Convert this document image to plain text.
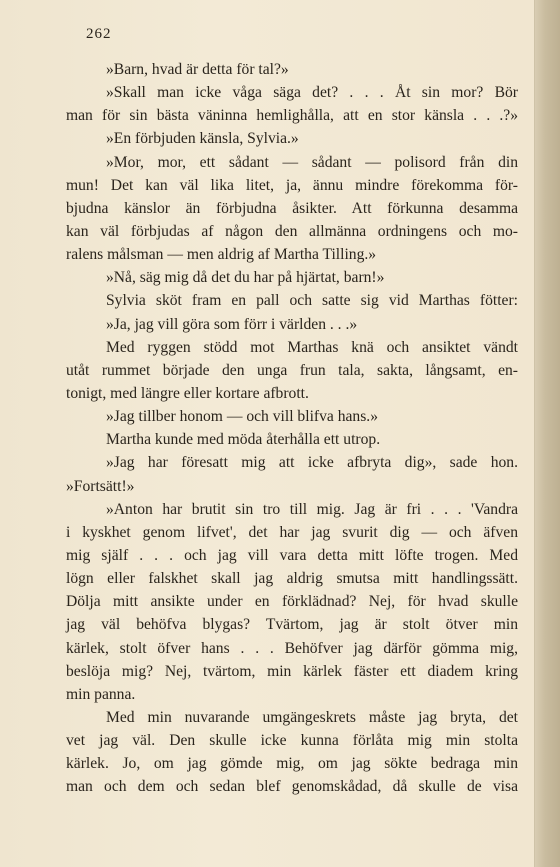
262
»Barn, hvad är detta för tal?»
»Skall man icke våga säga det? . . . Åt sin mor? Bör
man för sin bästa väninna hemlighålla, att en stor känsla . . .?»
»En förbjuden känsla, Sylvia.»
»Mor, mor, ett sådant — sådant — polisord från din
mun! Det kan väl lika litet, ja, ännu mindre förekomma för-
bjudna känslor än förbjudna åsikter. Att förkunna desamma
kan väl förbjudas af någon den allmänna ordningens och mo-
ralens målsman — men aldrig af Martha Tilling.»
»Nå, säg mig då det du har på hjärtat, barn!»
Sylvia sköt fram en pall och satte sig vid Marthas fötter:
»Ja, jag vill göra som förr i världen . . .»
Med ryggen stödd mot Marthas knä och ansiktet vändt
utåt rummet började den unga frun tala, sakta, långsamt, en-
tonigt, med längre eller kortare afbrott.
»Jag tillber honom — och vill blifva hans.»
Martha kunde med möda återhålla ett utrop.
»Jag har föresatt mig att icke afbryta dig», sade hon.
»Fortsätt!»
»Anton har brutit sin tro till mig. Jag är fri . . . 'Vandra
i kyskhet genom lifvet', det har jag svurit dig — och äfven
mig själf . . . och jag vill vara detta mitt löfte trogen. Med
lögn eller falskhet skall jag aldrig smutsa mitt handlingssätt.
Dölja mitt ansikte under en förklädnad? Nej, för hvad skulle
jag väl behöfva blygas? Tvärtom, jag är stolt ötver min
kärlek, stolt öfver hans . . . Behöfver jag därför gömma mig,
beslöja mig? Nej, tvärtom, min kärlek fäster ett diadem kring
min panna.
Med min nuvarande umgängeskrets måste jag bryta, det
vet jag väl. Den skulle icke kunna förlåta mig min stolta
kärlek. Jo, om jag gömde mig, om jag sökte bedraga min
man och dem och sedan blef genomskådad, då skulle de visa
